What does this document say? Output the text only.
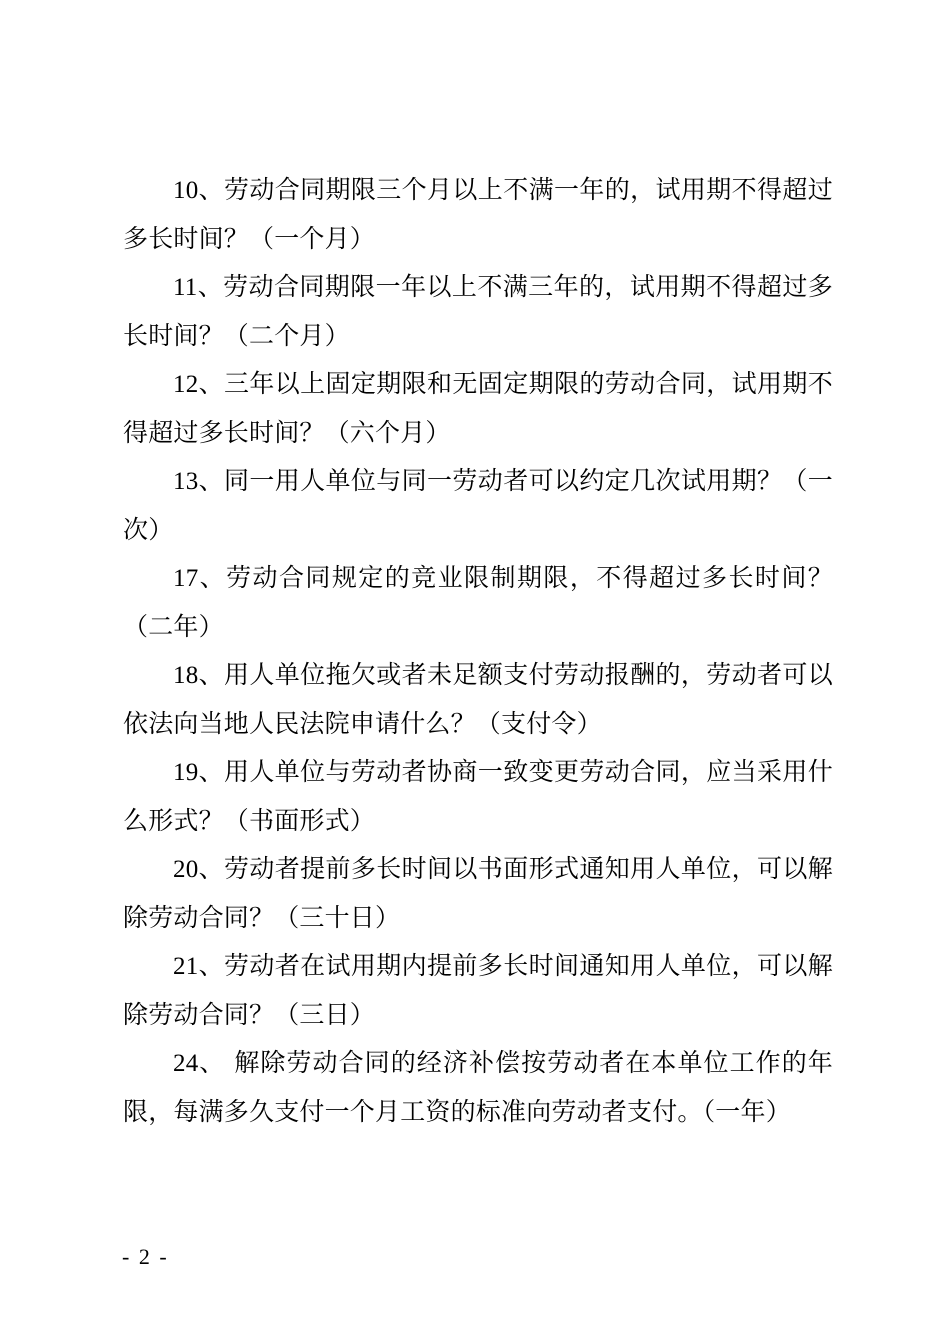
10、劳动合同期限三个月以上不满一年的，试用期不得超过多长时间？（一个月）

11、劳动合同期限一年以上不满三年的，试用期不得超过多长时间？（二个月）

12、三年以上固定期限和无固定期限的劳动合同，试用期不得超过多长时间？（六个月）

13、同一用人单位与同一劳动者可以约定几次试用期？（一次）

17、劳动合同规定的竞业限制期限，不得超过多长时间？（二年）

18、用人单位拖欠或者未足额支付劳动报酬的，劳动者可以依法向当地人民法院申请什么？（支付令）

19、用人单位与劳动者协商一致变更劳动合同，应当采用什么形式？（书面形式）

20、劳动者提前多长时间以书面形式通知用人单位，可以解除劳动合同？（三十日）

21、劳动者在试用期内提前多长时间通知用人单位，可以解除劳动合同？（三日）

24、 解除劳动合同的经济补偿按劳动者在本单位工作的年限，每满多久支付一个月工资的标准向劳动者支付。（一年）

- 2 -
